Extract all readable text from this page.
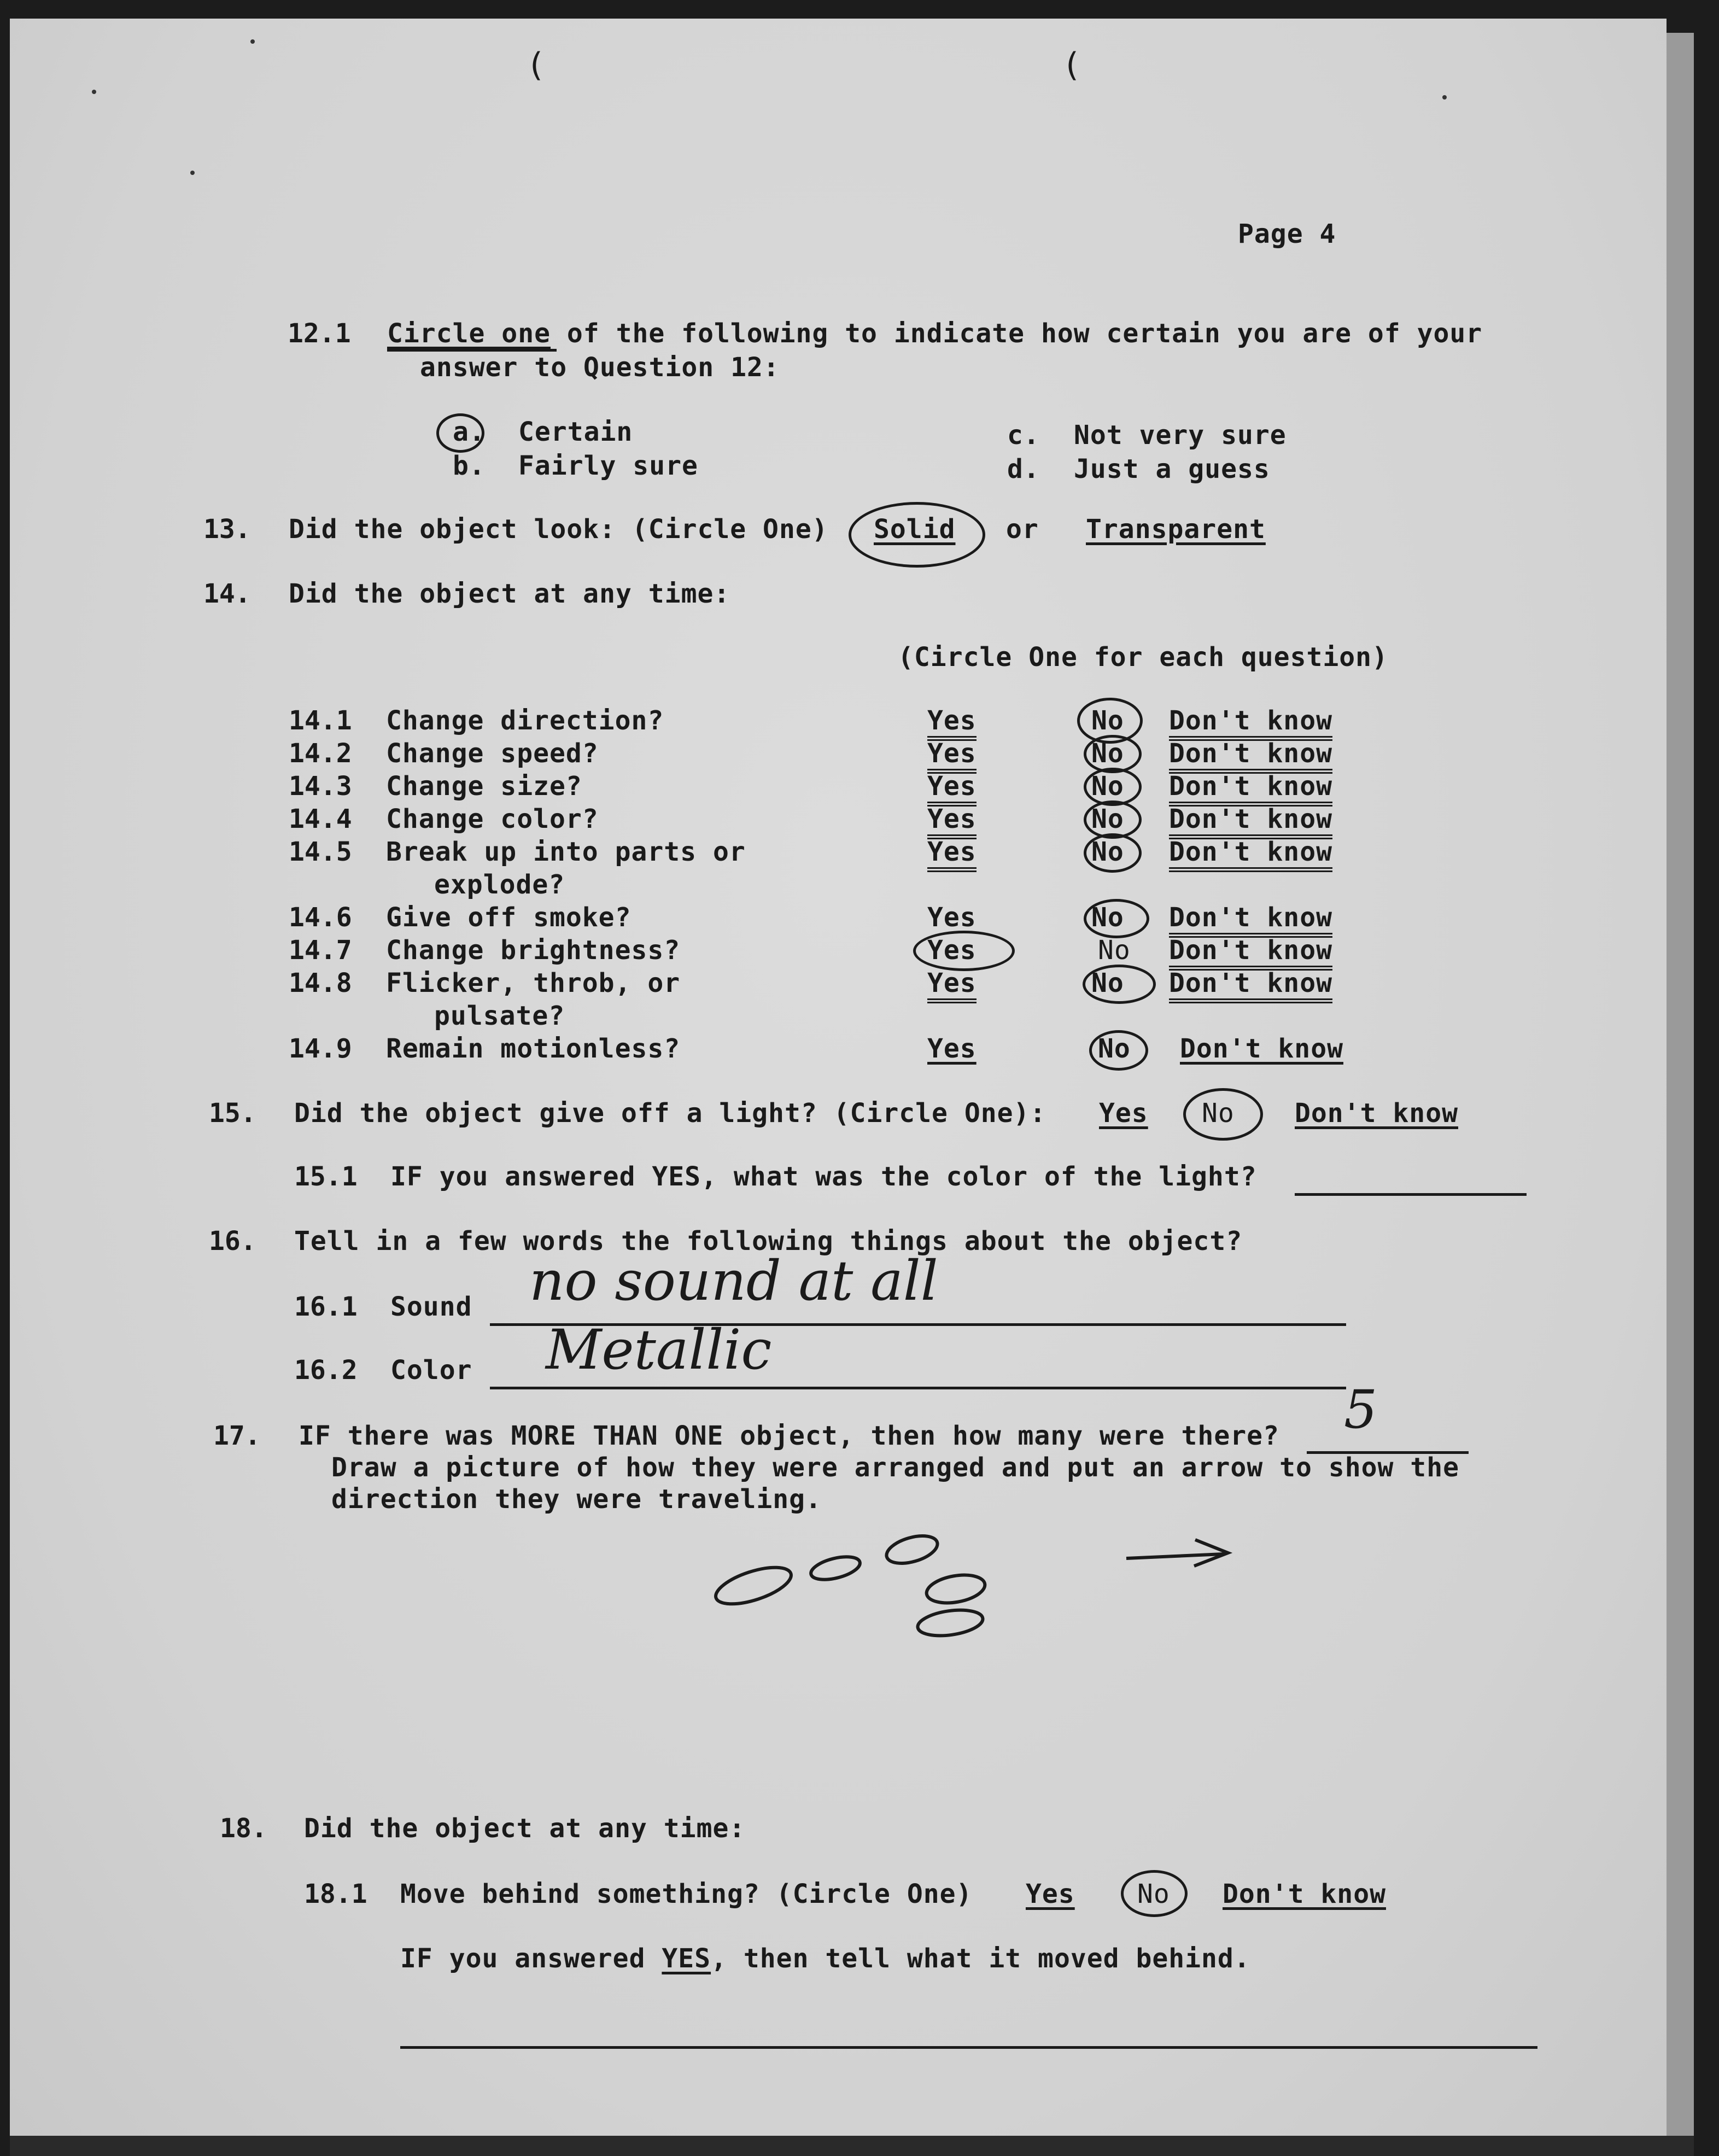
(	(
Page 4
12.1 Circle one of the following to indicate how certain you are of your
answer to Question 12:
a. Certain
b. Fairly sure
c. Not very sure
d. Just a guess
13. Did the object look: (Circle One) Solid or Transparent
14. Did the object at any time:
(Circle One for each question)
14.1 Change direction?	Yes	No Don't know
14.2 Change speed?	Yes	No Don't know
14.3 Change size?	Yes	No Don't know
14.4 Change color?	Yes	No Don't know
14.5 Break up into parts or
explode?
Yes	No Don't know
14.6 Give off smoke?	Yes	No Don't know
14.7 Change brightness?	Yes	No Don't know
14.8 Flicker, throb, or
pulsate?
Yes	No Don't know
14.9 Remain motionless?	Yes	No Don't know
15. Did the object give off a light? (Circle One): Yes No Don't know
15.1 IF you answered YES, what was the color of the light?
16. Tell in a few words the following things about the object?
16.1 Sound no sound at all
16.2 Color Metallic
17. IF there was MORE THAN ONE object, then how many were there? 5
Draw a picture of how they were arranged and put an arrow to show the
direction they were traveling.
18. Did the object at any time:
18.1 Move behind something? (Circle One) Yes No Don't know
IF you answered YES, then tell what it moved behind.
